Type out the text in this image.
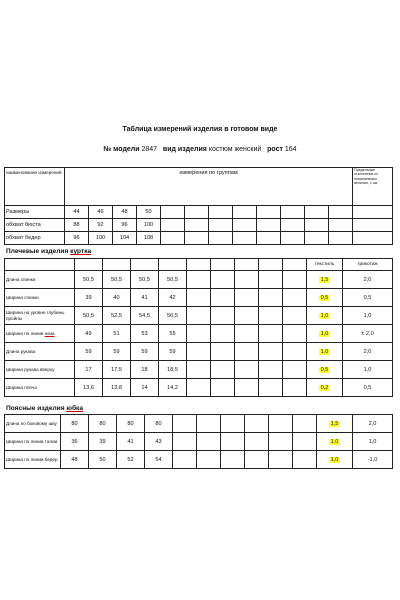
Таблица измерений изделия в готовом виде
№ модели 2847 вид изделия костюм женский рост 164
наименование измерений	измерения по группам												Предельные отклонения от номинальных величин, ± см.
Размеры	44	46	48	50									
обхват бюста	88	92	96	100									
обхват бедер	96	100	104	108									
Плечевые изделия куртка
										текстиль	трикотаж
Длина спинки	50,5	50,5	50,5	50,5						1,5	2,0
Ширина спинки	39	40	41	42						0,5	0,5
Ширина на уровне глубины пройны	50,5	52,5	54,5	56,5						1,0	1,0
Ширина по линии низа	49	51	53	55						1,0	± 2,0
Длина рукава	59	59	59	59						1,0	2,0
Ширина рукава вверху	17	17,5	18	18,5						0,5	1,0
Ширина плеча	13,6	13,8	14	14,2						0,2	0,5
Поясные изделия юбка
Длина по боковому шву	80	80	80	80							1,5	2,0
Ширина по линии талии	36	39	41	43							1,0	1,0
Ширина по линии бедер	48	50	52	54							1,0	-1,0
